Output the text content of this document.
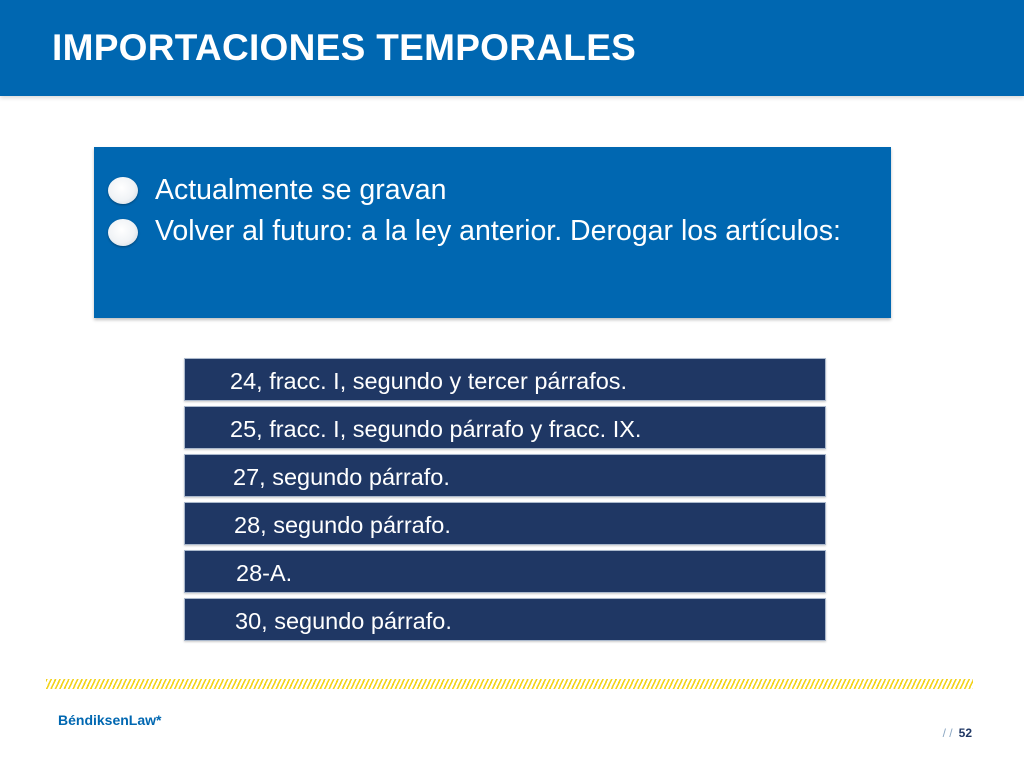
IMPORTACIONES TEMPORALES
Actualmente se gravan
Volver al futuro: a la ley anterior. Derogar los artículos:
24, fracc. I, segundo y tercer párrafos.
25, fracc. I, segundo párrafo y fracc. IX.
27, segundo párrafo.
28, segundo párrafo.
28-A.
30, segundo párrafo.
BéndiksenLaw*
/ / 52
